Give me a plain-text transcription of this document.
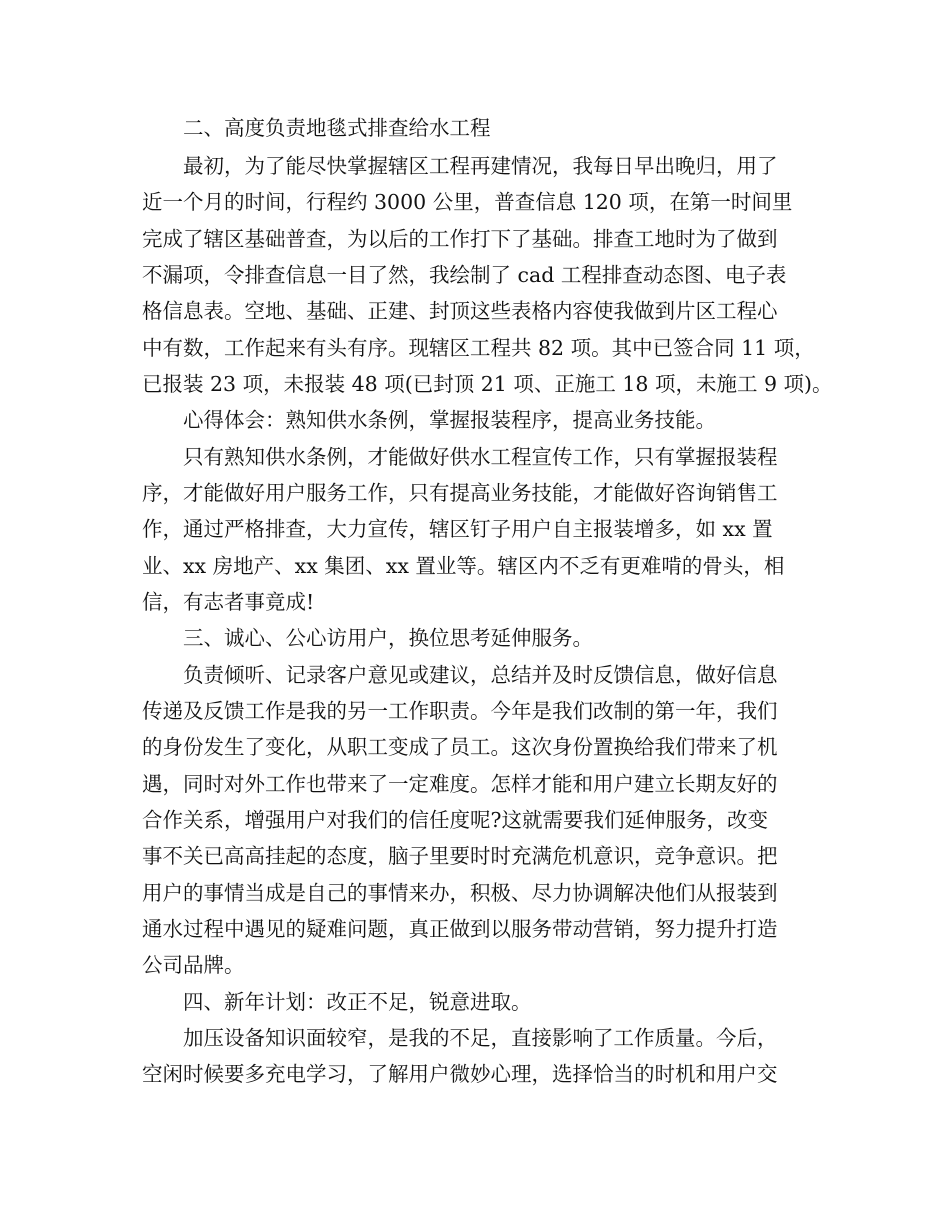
　　二、高度负责地毯式排查给水工程
　　最初，为了能尽快掌握辖区工程再建情况，我每日早出晚归，用了
近一个月的时间，行程约 3000 公里，普查信息 120 项，在第一时间里
完成了辖区基础普查，为以后的工作打下了基础。排查工地时为了做到
不漏项，令排查信息一目了然，我绘制了 cad 工程排查动态图、电子表
格信息表。空地、基础、正建、封顶这些表格内容使我做到片区工程心
中有数，工作起来有头有序。现辖区工程共 82 项。其中已签合同 11 项，
已报装 23 项，未报装 48 项(已封顶 21 项、正施工 18 项，未施工 9 项)。
　　心得体会：熟知供水条例，掌握报装程序，提高业务技能。
　　只有熟知供水条例，才能做好供水工程宣传工作，只有掌握报装程
序，才能做好用户服务工作，只有提高业务技能，才能做好咨询销售工
作，通过严格排查，大力宣传，辖区钉子用户自主报装增多，如 xx 置
业、xx 房地产、xx 集团、xx 置业等。辖区内不乏有更难啃的骨头，相
信，有志者事竟成!
　　三、诚心、公心访用户，换位思考延伸服务。
　　负责倾听、记录客户意见或建议，总结并及时反馈信息，做好信息
传递及反馈工作是我的另一工作职责。今年是我们改制的第一年，我们
的身份发生了变化，从职工变成了员工。这次身份置换给我们带来了机
遇，同时对外工作也带来了一定难度。怎样才能和用户建立长期友好的
合作关系，增强用户对我们的信任度呢?这就需要我们延伸服务，改变
事不关已高高挂起的态度，脑子里要时时充满危机意识，竞争意识。把
用户的事情当成是自己的事情来办，积极、尽力协调解决他们从报装到
通水过程中遇见的疑难问题，真正做到以服务带动营销，努力提升打造
公司品牌。
　　四、新年计划：改正不足，锐意进取。
　　加压设备知识面较窄，是我的不足，直接影响了工作质量。今后，
空闲时候要多充电学习，了解用户微妙心理，选择恰当的时机和用户交
